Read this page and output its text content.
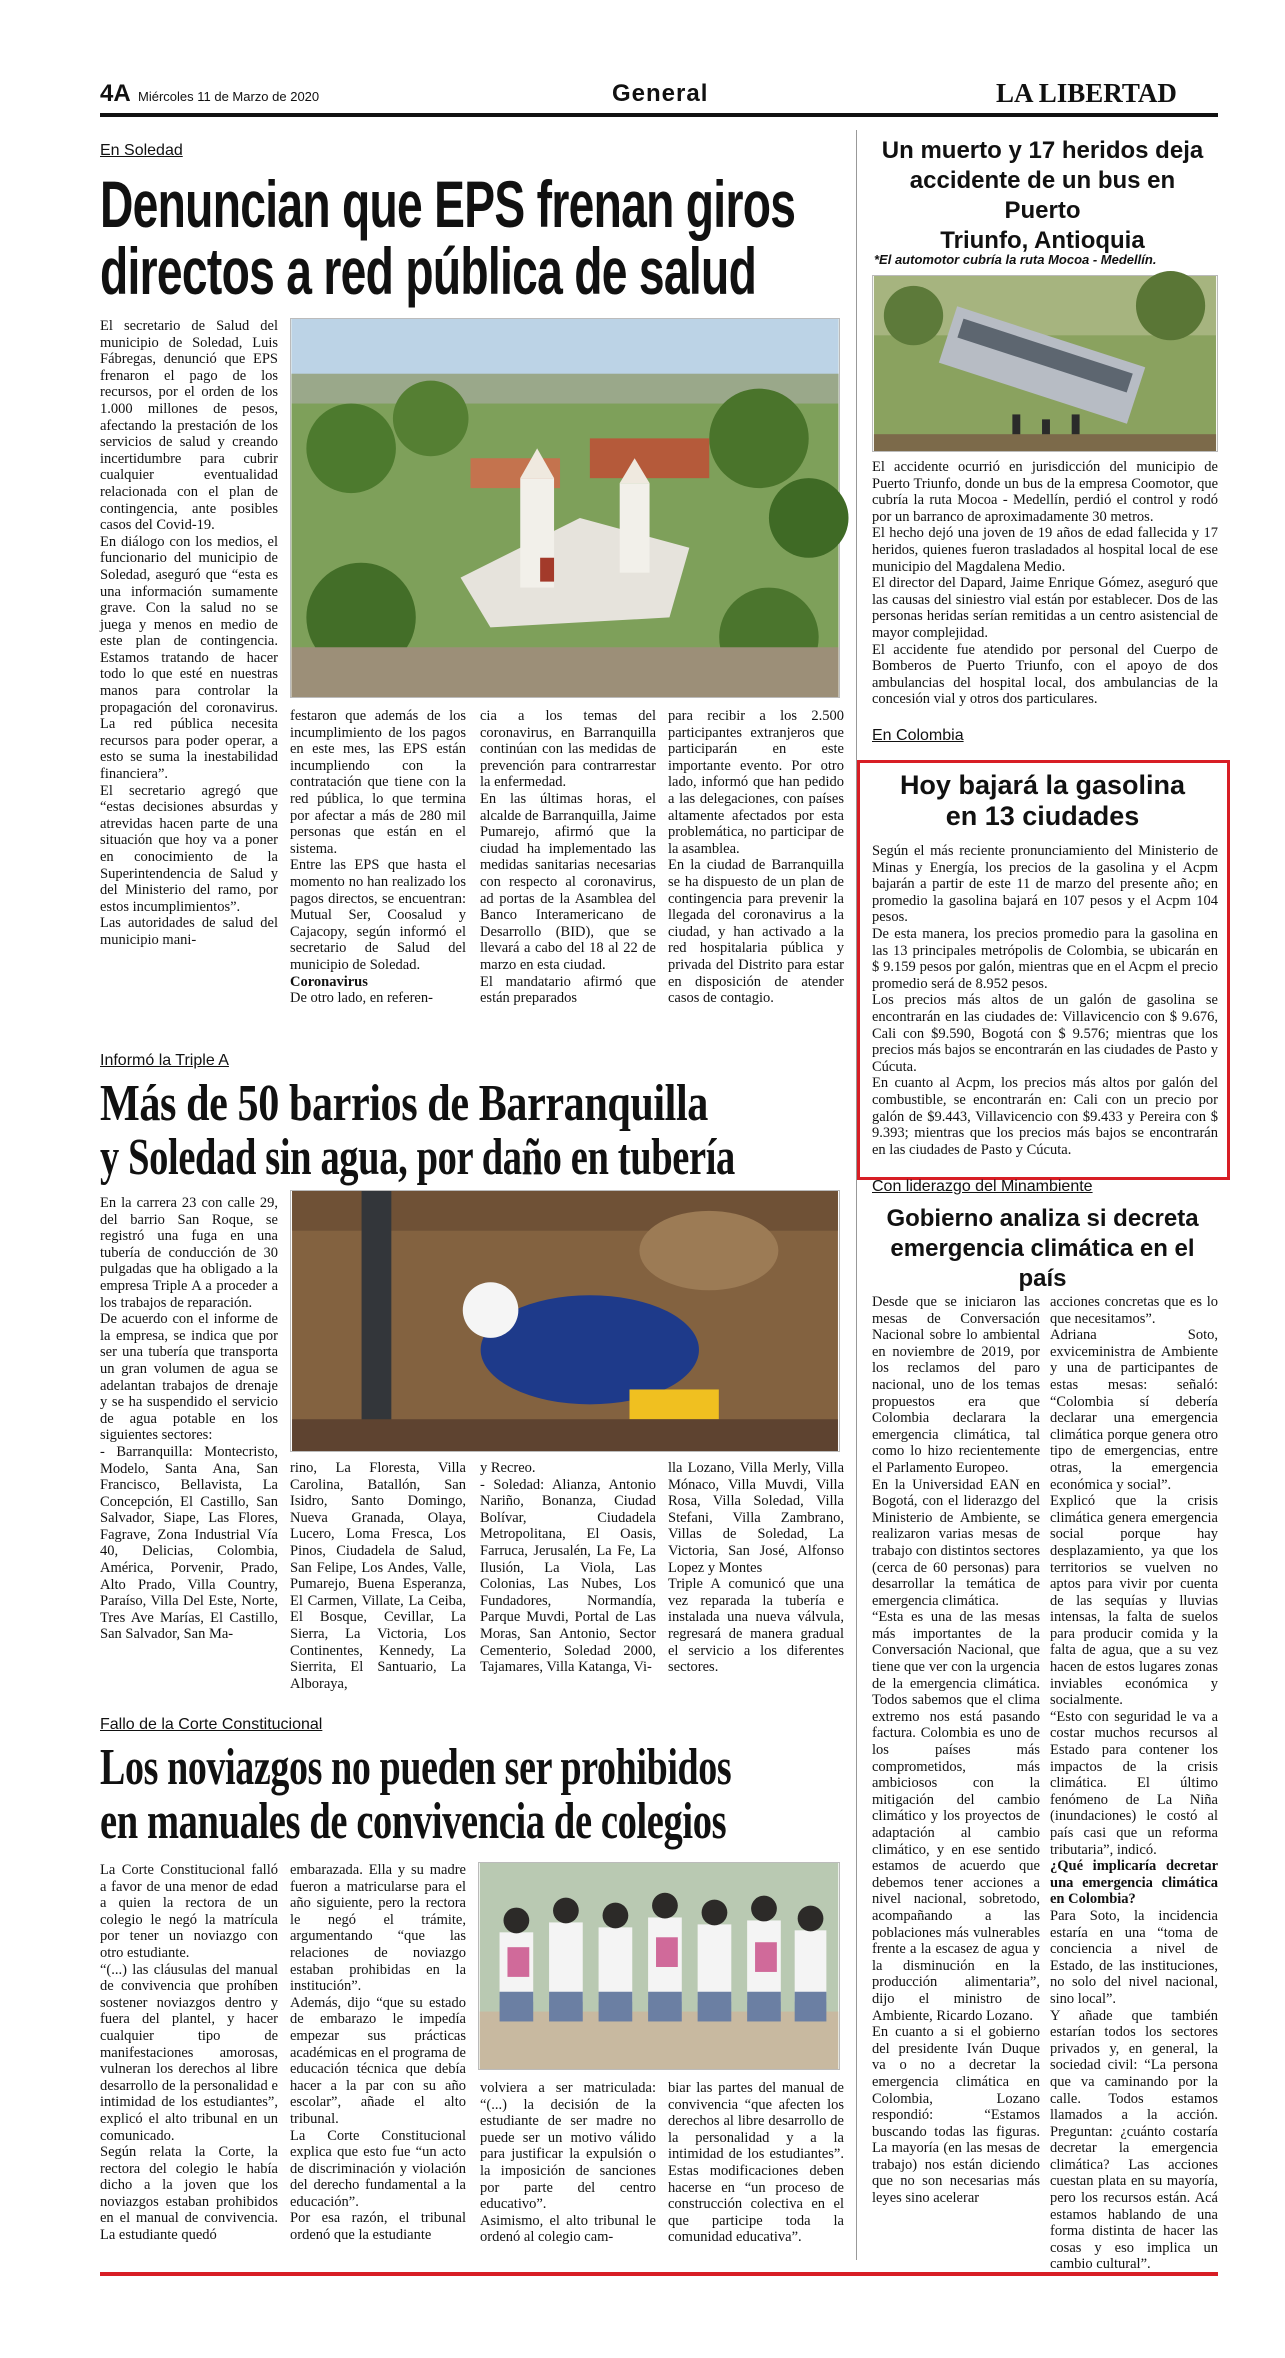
4A Miércoles 11 de Marzo de 2020	General	LA LIBERTAD
En Soledad
Denuncian que EPS frenan giros
directos a red pública de salud

El secretario de Salud del municipio de Soledad, Luis Fábregas, denunció que EPS frenaron el pago de los recursos, por el orden de los 1.000 millones de pesos, afectando la prestación de los servicios de salud y creando incertidumbre para cubrir cualquier eventualidad relacionada con el plan de contingencia, ante posibles casos del Covid-19.

En diálogo con los medios, el funcionario del municipio de Soledad, aseguró que “esta es una información sumamente grave. Con la salud no se juega y menos en medio de este plan de contingencia. Estamos tratando de hacer todo lo que esté en nuestras manos para controlar la propagación del coronavirus. La red pública necesita recursos para poder operar, a esto se suma la inestabilidad financiera”.

El secretario agregó que “estas decisiones absurdas y atrevidas hacen parte de una situación que hoy va a poner en conocimiento de la Superintendencia de Salud y del Ministerio del ramo, por estos incumplimientos”.

Las autoridades de salud del municipio mani-

festaron que además de los incumplimiento de los pagos en este mes, las EPS están incumpliendo con la contratación que tiene con la red pública, lo que termina por afectar a más de 280 mil personas que están en el sistema.

Entre las EPS que hasta el momento no han realizado los pagos directos, se encuentran: Mutual Ser, Coosalud y Cajacopy, según informó el secretario de Salud del municipio de Soledad.

Coronavirus

De otro lado, en referen-

cia a los temas del coronavirus, en Barranquilla continúan con las medidas de prevención para contrarrestar la enfermedad.

En las últimas horas, el alcalde de Barranquilla, Jaime Pumarejo, afirmó que la ciudad ha implementado las medidas sanitarias necesarias con respecto al coronavirus, ad portas de la Asamblea del Banco Interamericano de Desarrollo (BID), que se llevará a cabo del 18 al 22 de marzo en esta ciudad.

El mandatario afirmó que están preparados

para recibir a los 2.500 participantes extranjeros que participarán en este importante evento. Por otro lado, informó que han pedido a las delegaciones, con países altamente afectados por esta problemática, no participar de la asamblea.

En la ciudad de Barranquilla se ha dispuesto de un plan de contingencia para prevenir la llegada del coronavirus a la ciudad, y han activado a la red hospitalaria pública y privada del Distrito para estar en disposición de atender casos de contagio.

Informó la Triple A
Más de 50 barrios de Barranquilla
y Soledad sin agua, por daño en tubería

En la carrera 23 con calle 29, del barrio San Roque, se registró una fuga en una tubería de conducción de 30 pulgadas que ha obligado a la empresa Triple A a proceder a los trabajos de reparación.

De acuerdo con el informe de la empresa, se indica que por ser una tubería que transporta un gran volumen de agua se adelantan trabajos de drenaje y se ha suspendido el servicio de agua potable en los siguientes sectores:

- Barranquilla: Montecristo, Modelo, Santa Ana, San Francisco, Bellavista, La Concepción, El Castillo, San Salvador, Siape, Las Flores, Fagrave, Zona Industrial Vía 40, Delicias, Colombia, América, Porvenir, Prado, Alto Prado, Villa Country, Paraíso, Villa Del Este, Norte, Tres Ave Marías, El Castillo, San Salvador, San Ma-

rino, La Floresta, Villa Carolina, Batallón, San Isidro, Santo Domingo, Nueva Granada, Olaya, Lucero, Loma Fresca, Los Pinos, Ciudadela de Salud, San Felipe, Los Andes, Valle, Pumarejo, Buena Esperanza, El Carmen, Villate, La Ceiba, El Bosque, Cevillar, La Sierra, La Victoria, Los Continentes, Kennedy, La Sierrita, El Santuario, La Alboraya,

y Recreo.

- Soledad: Alianza, Antonio Nariño, Bonanza, Ciudad Bolívar, Ciudadela Metropolitana, El Oasis, Farruca, Jerusalén, La Fe, La Ilusión, La Viola, Las Colonias, Las Nubes, Los Fundadores, Normandía, Parque Muvdi, Portal de Las Moras, San Antonio, Sector Cementerio, Soledad 2000, Tajamares, Villa Katanga, Vi-

lla Lozano, Villa Merly, Villa Mónaco, Villa Muvdi, Villa Rosa, Villa Soledad, Villa Stefani, Villa Zambrano, Villas de Soledad, La Victoria, San José, Alfonso Lopez y Montes

Triple A comunicó que una vez reparada la tubería e instalada una nueva válvula, regresará de manera gradual el servicio a los diferentes sectores.

Fallo de la Corte Constitucional
Los noviazgos no pueden ser prohibidos
en manuales de convivencia de colegios

La Corte Constitucional falló a favor de una menor de edad a quien la rectora de un colegio le negó la matrícula por tener un noviazgo con otro estudiante.

“(...) las cláusulas del manual de convivencia que prohíben sostener noviazgos dentro y fuera del plantel, y hacer cualquier tipo de manifestaciones amorosas, vulneran los derechos al libre desarrollo de la personalidad e intimidad de los estudiantes”, explicó el alto tribunal en un comunicado.

Según relata la Corte, la rectora del colegio le había dicho a la joven que los noviazgos estaban prohibidos en el manual de convivencia. La estudiante quedó

embarazada. Ella y su madre fueron a matricularse para el año siguiente, pero la rectora le negó el trámite, argumentando “que las relaciones de noviazgo estaban prohibidas en la institución”.

Además, dijo “que su estado de embarazo le impedía empezar sus prácticas académicas en el programa de educación técnica que debía hacer a la par con su año escolar”, añade el alto tribunal.

La Corte Constitucional explica que esto fue “un acto de discriminación y violación del derecho fundamental a la educación”.

Por esa razón, el tribunal ordenó que la estudiante

volviera a ser matriculada: “(...) la decisión de la estudiante de ser madre no puede ser un motivo válido para justificar la expulsión o la imposición de sanciones por parte del centro educativo”.

Asimismo, el alto tribunal le ordenó al colegio cam-

biar las partes del manual de convivencia “que afecten los derechos al libre desarrollo de la personalidad y a la intimidad de los estudiantes”. Estas modificaciones deben hacerse en “un proceso de construcción colectiva en el que participe toda la comunidad educativa”.

Un muerto y 17 heridos deja
accidente de un bus en Puerto
Triunfo, Antioquia
*El automotor cubría la ruta Mocoa - Medellín.

El accidente ocurrió en jurisdicción del municipio de Puerto Triunfo, donde un bus de la empresa Coomotor, que cubría la ruta Mocoa - Medellín, perdió el control y rodó por un barranco de aproximadamente 30 metros.

El hecho dejó una joven de 19 años de edad fallecida y 17 heridos, quienes fueron trasladados al hospital local de ese municipio del Magdalena Medio.

El director del Dapard, Jaime Enrique Gómez, aseguró que las causas del siniestro vial están por establecer. Dos de las personas heridas serían remitidas a un centro asistencial de mayor complejidad.

El accidente fue atendido por personal del Cuerpo de Bomberos de Puerto Triunfo, con el apoyo de dos ambulancias del hospital local, dos ambulancias de la concesión vial y otros dos particulares.

En Colombia
Hoy bajará la gasolina
en 13 ciudades

Según el más reciente pronunciamiento del Ministerio de Minas y Energía, los precios de la gasolina y el Acpm bajarán a partir de este 11 de marzo del presente año; en promedio la gasolina bajará en 107 pesos y el Acpm 104 pesos.

De esta manera, los precios promedio para la gasolina en las 13 principales metrópolis de Colombia, se ubicarán en $ 9.159 pesos por galón, mientras que en el Acpm el precio promedio será de 8.952 pesos.

Los precios más altos de un galón de gasolina se encontrarán en las ciudades de: Villavicencio con $ 9.676, Cali con $9.590, Bogotá con $ 9.576; mientras que los precios más bajos se encontrarán en las ciudades de Pasto y Cúcuta.

En cuanto al Acpm, los precios más altos por galón del combustible, se encontrarán en: Cali con un precio por galón de $9.443, Villavicencio con $9.433 y Pereira con $ 9.393; mientras que los precios más bajos se encontrarán en las ciudades de Pasto y Cúcuta.

Con liderazgo del Minambiente
Gobierno analiza si decreta
emergencia climática en el país

Desde que se iniciaron las mesas de Conversación Nacional sobre lo ambiental en noviembre de 2019, por los reclamos del paro nacional, uno de los temas propuestos era que Colombia declarara la emergencia climática, tal como lo hizo recientemente el Parlamento Europeo.

En la Universidad EAN en Bogotá, con el liderazgo del Ministerio de Ambiente, se realizaron varias mesas de trabajo con distintos sectores (cerca de 60 personas) para desarrollar la temática de emergencia climática.

“Esta es una de las mesas más importantes de la Conversación Nacional, que tiene que ver con la urgencia de la emergencia climática. Todos sabemos que el clima extremo nos está pasando factura. Colombia es uno de los países más comprometidos, más ambiciosos con la mitigación del cambio climático y los proyectos de adaptación al cambio climático, y en ese sentido estamos de acuerdo que debemos tener acciones a nivel nacional, sobretodo, acompañando a las poblaciones más vulnerables frente a la escasez de agua y la disminución en la producción alimentaria”, dijo el ministro de Ambiente, Ricardo Lozano.

En cuanto a si el gobierno del presidente Iván Duque va o no a decretar la emergencia climática en Colombia, Lozano respondió: “Estamos buscando todas las figuras. La mayoría (en las mesas de trabajo) nos están diciendo que no son necesarias más leyes sino acelerar

acciones concretas que es lo que necesitamos”.

Adriana Soto, exviceministra de Ambiente y una de participantes de estas mesas: señaló: “Colombia sí debería declarar una emergencia climática porque genera otro tipo de emergencias, entre otras, la emergencia económica y social”.

Explicó que la crisis climática genera emergencia social porque hay desplazamiento, ya que los territorios se vuelven no aptos para vivir por cuenta de las sequías y lluvias intensas, la falta de suelos para producir comida y la falta de agua, que a su vez hacen de estos lugares zonas inviables económica y socialmente.

“Esto con seguridad le va a costar muchos recursos al Estado para contener los impactos de la crisis climática. El último fenómeno de La Niña (inundaciones) le costó al país casi que un reforma tributaria”, indicó.

¿Qué implicaría decretar una emergencia climática en Colombia?

Para Soto, la incidencia estaría en una “toma de conciencia a nivel de Estado, de las instituciones, no solo del nivel nacional, sino local”.

Y añade que también estarían todos los sectores privados y, en general, la sociedad civil: “La persona que va caminando por la calle. Todos estamos llamados a la acción. Preguntan: ¿cuánto costaría decretar la emergencia climática? Las acciones cuestan plata en su mayoría, pero los recursos están. Acá estamos hablando de una forma distinta de hacer las cosas y eso implica un cambio cultural”.
